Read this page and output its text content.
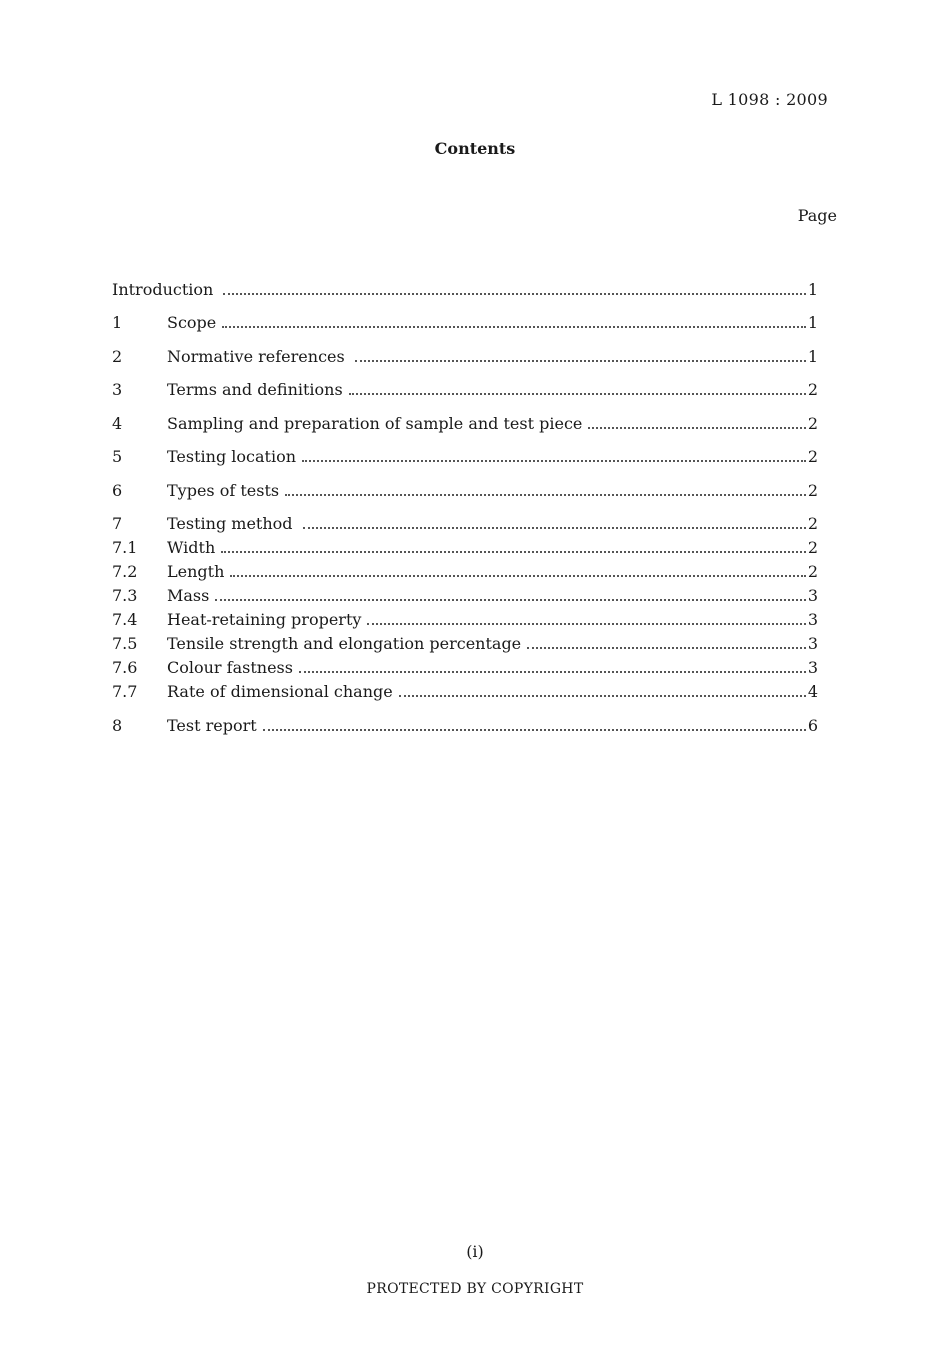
L 1098 : 2009
Contents
Page
Introduction	1
1	Scope	1
2	Normative references	1
3	Terms and definitions	2
4	Sampling and preparation of sample and test piece	2
5	Testing location	2
6	Types of tests	2
7	Testing method	2
7.1	Width	2
7.2	Length	2
7.3	Mass	3
7.4	Heat-retaining property	3
7.5	Tensile strength and elongation percentage	3
7.6	Colour fastness	3
7.7	Rate of dimensional change	4
8	Test report	6
(i)
PROTECTED BY COPYRIGHT
